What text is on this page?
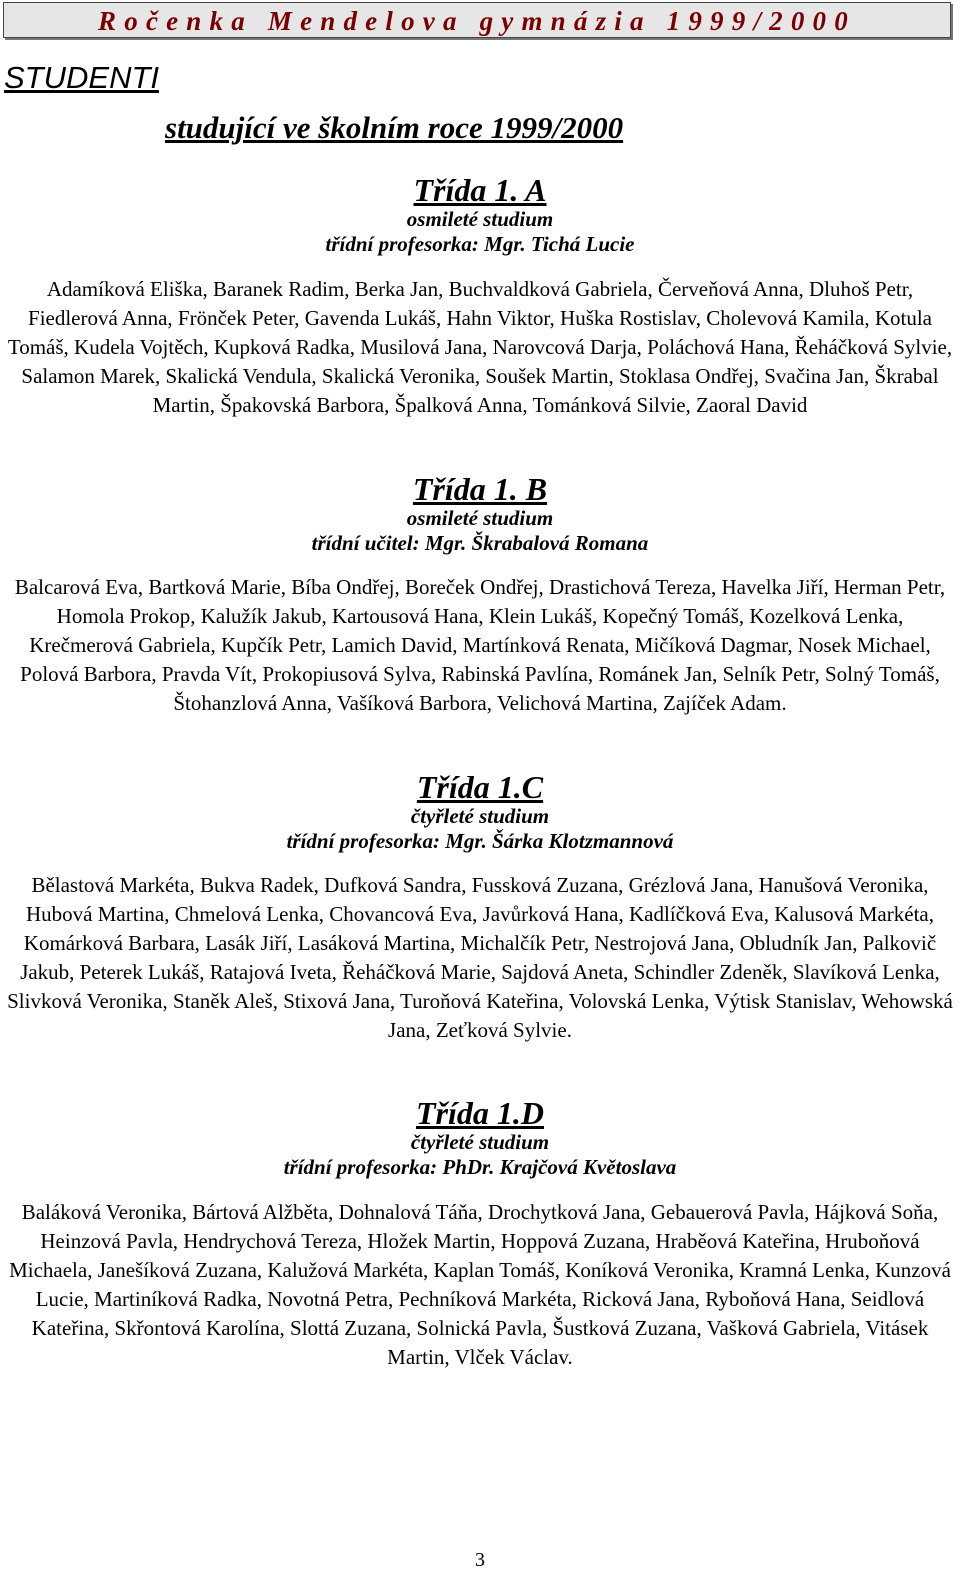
Ročenka Mendelova gymnázia 1999/2000
STUDENTI
studující ve školním roce 1999/2000
Třída 1. A
osmileté studium
třídní profesorka: Mgr. Tichá Lucie

Adamíková Eliška, Baranek Radim, Berka Jan, Buchvaldková Gabriela, Červeňová Anna, Dluhoš Petr, Fiedlerová Anna, Frönček Peter, Gavenda Lukáš, Hahn Viktor, Huška Rostislav, Cholevová Kamila, Kotula Tomáš, Kudela Vojtěch, Kupková Radka, Musilová Jana, Narovcová Darja, Poláchová Hana, Řeháčková Sylvie, Salamon Marek, Skalická Vendula, Skalická Veronika, Soušek Martin, Stoklasa Ondřej, Svačina Jan, Škrabal Martin, Špakovská Barbora, Špalková Anna, Tománková Silvie, Zaoral David

Třída 1. B
osmileté studium
třídní učitel: Mgr. Škrabalová Romana

Balcarová Eva, Bartková Marie, Bíba Ondřej, Boreček Ondřej, Drastichová Tereza, Havelka Jiří, Herman Petr, Homola Prokop, Kalužík Jakub, Kartousová Hana, Klein Lukáš, Kopečný Tomáš, Kozelková Lenka, Krečmerová Gabriela, Kupčík Petr, Lamich David, Martínková Renata, Mičíková Dagmar, Nosek Michael, Polová Barbora, Pravda Vít, Prokopiusová Sylva, Rabinská Pavlína, Románek Jan, Selník Petr, Solný Tomáš, Štohanzlová Anna, Vašíková Barbora, Velichová Martina, Zajíček Adam.

Třída 1.C
čtyřleté studium
třídní profesorka: Mgr. Šárka Klotzmannová

Bělastová Markéta, Bukva Radek, Dufková Sandra, Fussková Zuzana, Grézlová Jana, Hanušová Veronika, Hubová Martina, Chmelová Lenka, Chovancová Eva, Javůrková Hana, Kadlíčková Eva, Kalusová Markéta, Komárková Barbara, Lasák Jiří, Lasáková Martina, Michalčík Petr, Nestrojová Jana, Obludník Jan, Palkovič Jakub, Peterek Lukáš, Ratajová Iveta, Řeháčková Marie, Sajdová Aneta, Schindler Zdeněk, Slavíková Lenka, Slivková Veronika, Staněk Aleš, Stixová Jana, Turoňová Kateřina, Volovská Lenka, Výtisk Stanislav, Wehowská Jana, Zeťková Sylvie.

Třída 1.D
čtyřleté studium
třídní profesorka: PhDr. Krajčová Květoslava

Baláková Veronika, Bártová Alžběta, Dohnalová Táňa, Drochytková Jana, Gebauerová Pavla, Hájková Soňa, Heinzová Pavla, Hendrychová Tereza, Hložek Martin, Hoppová Zuzana, Hraběová Kateřina, Hruboňová Michaela, Janešíková Zuzana, Kalužová Markéta, Kaplan Tomáš, Koníková Veronika, Kramná Lenka, Kunzová Lucie, Martiníková Radka, Novotná Petra, Pechníková Markéta, Ricková Jana, Ryboňová Hana, Seidlová Kateřina, Skřontová Karolína, Slottá Zuzana, Solnická Pavla, Šustková Zuzana, Vašková Gabriela, Vitásek Martin, Vlček Václav.

3
